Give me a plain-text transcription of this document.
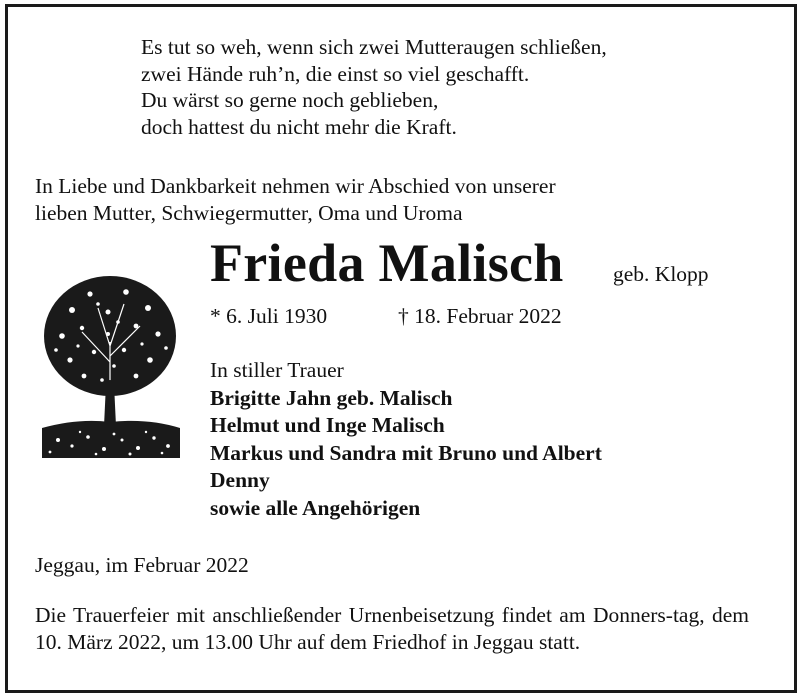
Es tut so weh, wenn sich zwei Mutteraugen schließen,
zwei Hände ruh’n, die einst so viel geschafft.
Du wärst so gerne noch geblieben,
doch hattest du nicht mehr die Kraft.
In Liebe und Dankbarkeit nehmen wir Abschied von unserer
lieben Mutter, Schwiegermutter, Oma und Uroma
Frieda Malisch geb. Klopp
* 6. Juli 1930	† 18. Februar 2022
In stiller Trauer
Brigitte Jahn geb. Malisch
Helmut und Inge Malisch
Markus und Sandra mit Bruno und Albert
Denny
sowie alle Angehörigen
Jeggau, im Februar 2022
Die Trauerfeier mit anschließender Urnenbeisetzung findet am Donners-tag, dem 10. März 2022, um 13.00 Uhr auf dem Friedhof in Jeggau statt.
